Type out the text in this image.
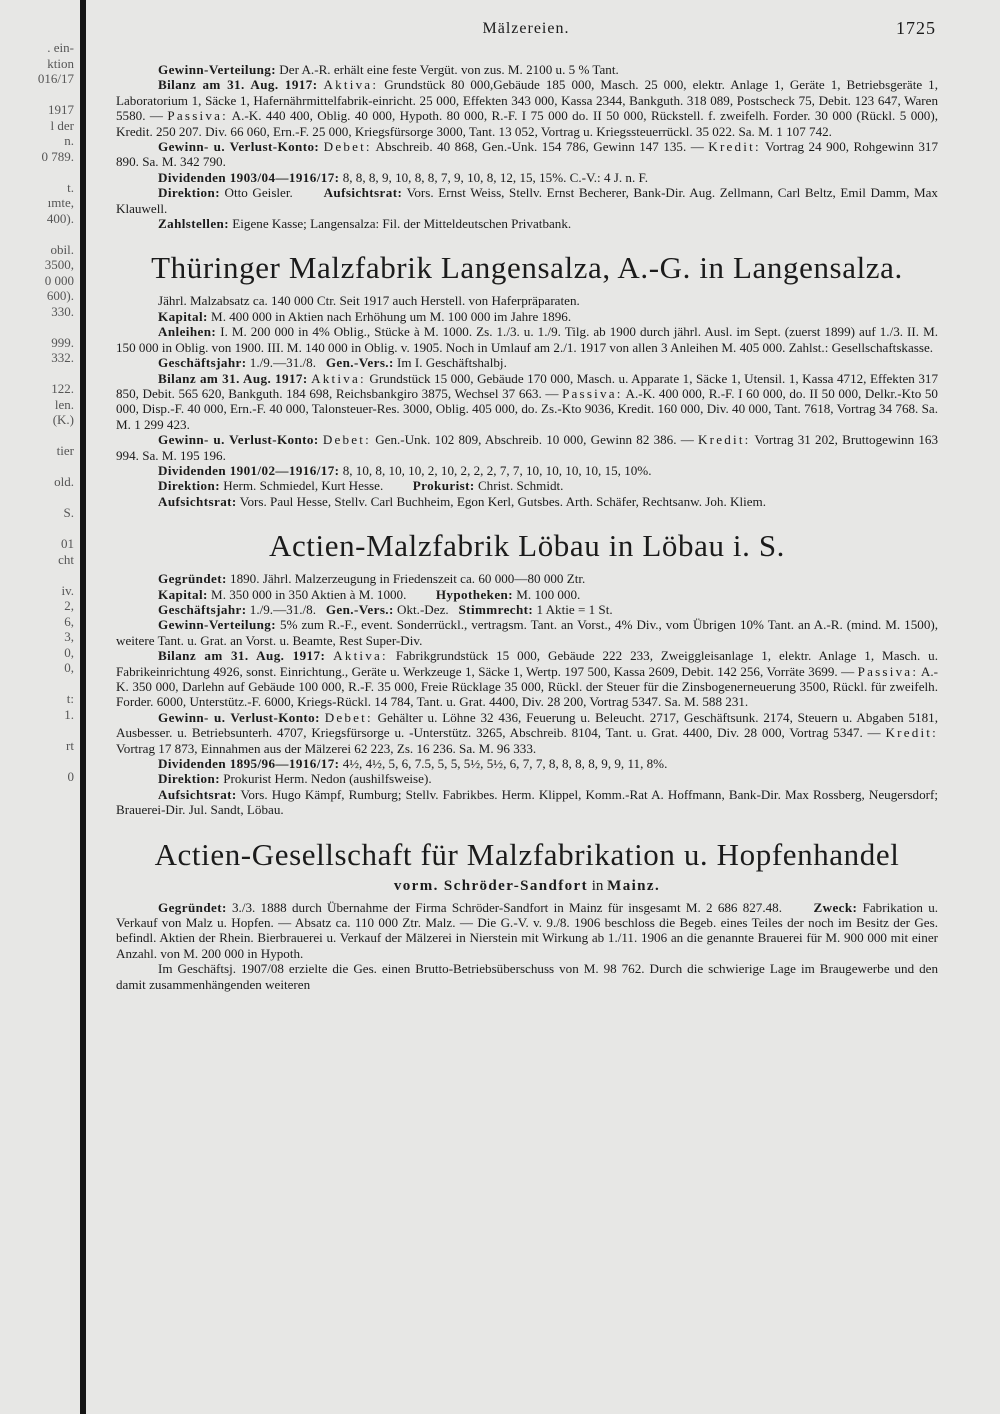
. ein-
ktion
016/17

1917
l der
n.
0 789.

t.
ımte,
400).

obil.
3500,
0 000
600).
330.

999.
332.

122.
len.
(K.)

tier

old.

S.

01
cht

iv.
2,
6,
3,
0,
0,

t:
1.

rt

0
Mälzereien.	1725

Gewinn-Verteilung: Der A.-R. erhält eine feste Vergüt. von zus. M. 2100 u. 5 % Tant.

Bilanz am 31. Aug. 1917: Aktiva: Grundstück 80 000,Gebäude 185 000, Masch. 25 000, elektr. Anlage 1, Geräte 1, Betriebsgeräte 1, Laboratorium 1, Säcke 1, Hafernährmittelfabrik-einricht. 25 000, Effekten 343 000, Kassa 2344, Bankguth. 318 089, Postscheck 75, Debit. 123 647, Waren 5580. — Passiva: A.-K. 440 400, Oblig. 40 000, Hypoth. 80 000, R.-F. I 75 000 do. II 50 000, Rückstell. f. zweifelh. Forder. 30 000 (Rückl. 5 000), Kredit. 250 207. Div. 66 060, Ern.-F. 25 000, Kriegsfürsorge 3000, Tant. 13 052, Vortrag u. Kriegssteuerrückl. 35 022. Sa. M. 1 107 742.

Gewinn- u. Verlust-Konto: Debet: Abschreib. 40 868, Gen.-Unk. 154 786, Gewinn 147 135. — Kredit: Vortrag 24 900, Rohgewinn 317 890. Sa. M. 342 790.

Dividenden 1903/04—1916/17: 8, 8, 8, 9, 10, 8, 8, 7, 9, 10, 8, 12, 15, 15%. C.-V.: 4 J. n. F.

Direktion: Otto Geisler.   Aufsichtsrat: Vors. Ernst Weiss, Stellv. Ernst Becherer, Bank-Dir. Aug. Zellmann, Carl Beltz, Emil Damm, Max Klauwell.

Zahlstellen: Eigene Kasse; Langensalza: Fil. der Mitteldeutschen Privatbank.

Thüringer Malzfabrik Langensalza, A.-G. in Langensalza.

Jährl. Malzabsatz ca. 140 000 Ctr. Seit 1917 auch Herstell. von Haferpräparaten.

Kapital: M. 400 000 in Aktien nach Erhöhung um M. 100 000 im Jahre 1896.

Anleihen: I. M. 200 000 in 4% Oblig., Stücke à M. 1000. Zs. 1./3. u. 1./9. Tilg. ab 1900 durch jährl. Ausl. im Sept. (zuerst 1899) auf 1./3. II. M. 150 000 in Oblig. von 1900. III. M. 140 000 in Oblig. v. 1905. Noch in Umlauf am 2./1. 1917 von allen 3 Anleihen M. 405 000. Zahlst.: Gesellschaftskasse.

Geschäftsjahr: 1./9.—31./8.  Gen.-Vers.: Im I. Geschäftshalbj.

Bilanz am 31. Aug. 1917: Aktiva: Grundstück 15 000, Gebäude 170 000, Masch. u. Apparate 1, Säcke 1, Utensil. 1, Kassa 4712, Effekten 317 850, Debit. 565 620, Bankguth. 184 698, Reichsbankgiro 3875, Wechsel 37 663. — Passiva: A.-K. 400 000, R.-F. I 60 000, do. II 50 000, Delkr.-Kto 50 000, Disp.-F. 40 000, Ern.-F. 40 000, Talonsteuer-Res. 3000, Oblig. 405 000, do. Zs.-Kto 9036, Kredit. 160 000, Div. 40 000, Tant. 7618, Vortrag 34 768. Sa. M. 1 299 423.

Gewinn- u. Verlust-Konto: Debet: Gen.-Unk. 102 809, Abschreib. 10 000, Gewinn 82 386. — Kredit: Vortrag 31 202, Bruttogewinn 163 994. Sa. M. 195 196.

Dividenden 1901/02—1916/17: 8, 10, 8, 10, 10, 2, 10, 2, 2, 2, 7, 7, 10, 10, 10, 10, 15, 10%.

Direktion: Herm. Schmiedel, Kurt Hesse.   Prokurist: Christ. Schmidt.

Aufsichtsrat: Vors. Paul Hesse, Stellv. Carl Buchheim, Egon Kerl, Gutsbes. Arth. Schäfer, Rechtsanw. Joh. Kliem.

Actien-Malzfabrik Löbau in Löbau i. S.

Gegründet: 1890. Jährl. Malzerzeugung in Friedenszeit ca. 60 000—80 000 Ztr.

Kapital: M. 350 000 in 350 Aktien à M. 1000.   Hypotheken: M. 100 000.

Geschäftsjahr: 1./9.—31./8.  Gen.-Vers.: Okt.-Dez.  Stimmrecht: 1 Aktie = 1 St.

Gewinn-Verteilung: 5% zum R.-F., event. Sonderrückl., vertragsm. Tant. an Vorst., 4% Div., vom Übrigen 10% Tant. an A.-R. (mind. M. 1500), weitere Tant. u. Grat. an Vorst. u. Beamte, Rest Super-Div.

Bilanz am 31. Aug. 1917: Aktiva: Fabrikgrundstück 15 000, Gebäude 222 233, Zweiggleisanlage 1, elektr. Anlage 1, Masch. u. Fabrikeinrichtung 4926, sonst. Einrichtung., Geräte u. Werkzeuge 1, Säcke 1, Wertp. 197 500, Kassa 2609, Debit. 142 256, Vorräte 3699. — Passiva: A.-K. 350 000, Darlehn auf Gebäude 100 000, R.-F. 35 000, Freie Rücklage 35 000, Rückl. der Steuer für die Zinsbogenerneuerung 3500, Rückl. für zweifelh. Forder. 6000, Unterstütz.-F. 6000, Kriegs-Rückl. 14 784, Tant. u. Grat. 4400, Div. 28 200, Vortrag 5347. Sa. M. 588 231.

Gewinn- u. Verlust-Konto: Debet: Gehälter u. Löhne 32 436, Feuerung u. Beleucht. 2717, Geschäftsunk. 2174, Steuern u. Abgaben 5181, Ausbesser. u. Betriebsunterh. 4707, Kriegsfürsorge u. -Unterstütz. 3265, Abschreib. 8104, Tant. u. Grat. 4400, Div. 28 000, Vortrag 5347. — Kredit: Vortrag 17 873, Einnahmen aus der Mälzerei 62 223, Zs. 16 236. Sa. M. 96 333.

Dividenden 1895/96—1916/17: 4½, 4½, 5, 6, 7.5, 5, 5, 5½, 5½, 6, 7, 7, 8, 8, 8, 8, 9, 9, 11, 8%.

Direktion: Prokurist Herm. Nedon (aushilfsweise).

Aufsichtsrat: Vors. Hugo Kämpf, Rumburg; Stellv. Fabrikbes. Herm. Klippel, Komm.-Rat A. Hoffmann, Bank-Dir. Max Rossberg, Neugersdorf; Brauerei-Dir. Jul. Sandt, Löbau.

Actien-Gesellschaft für Malzfabrikation u. Hopfenhandel
vorm. Schröder-Sandfort in Mainz.

Gegründet: 3./3. 1888 durch Übernahme der Firma Schröder-Sandfort in Mainz für insgesamt M. 2 686 827.48.   Zweck: Fabrikation u. Verkauf von Malz u. Hopfen. — Absatz ca. 110 000 Ztr. Malz. — Die G.-V. v. 9./8. 1906 beschloss die Begeb. eines Teiles der noch im Besitz der Ges. befindl. Aktien der Rhein. Bierbrauerei u. Verkauf der Mälzerei in Nierstein mit Wirkung ab 1./11. 1906 an die genannte Brauerei für M. 900 000 mit einer Anzahl. von M. 200 000 in Hypoth.

Im Geschäftsj. 1907/08 erzielte die Ges. einen Brutto-Betriebsüberschuss von M. 98 762. Durch die schwierige Lage im Braugewerbe und den damit zusammenhängenden weiteren
